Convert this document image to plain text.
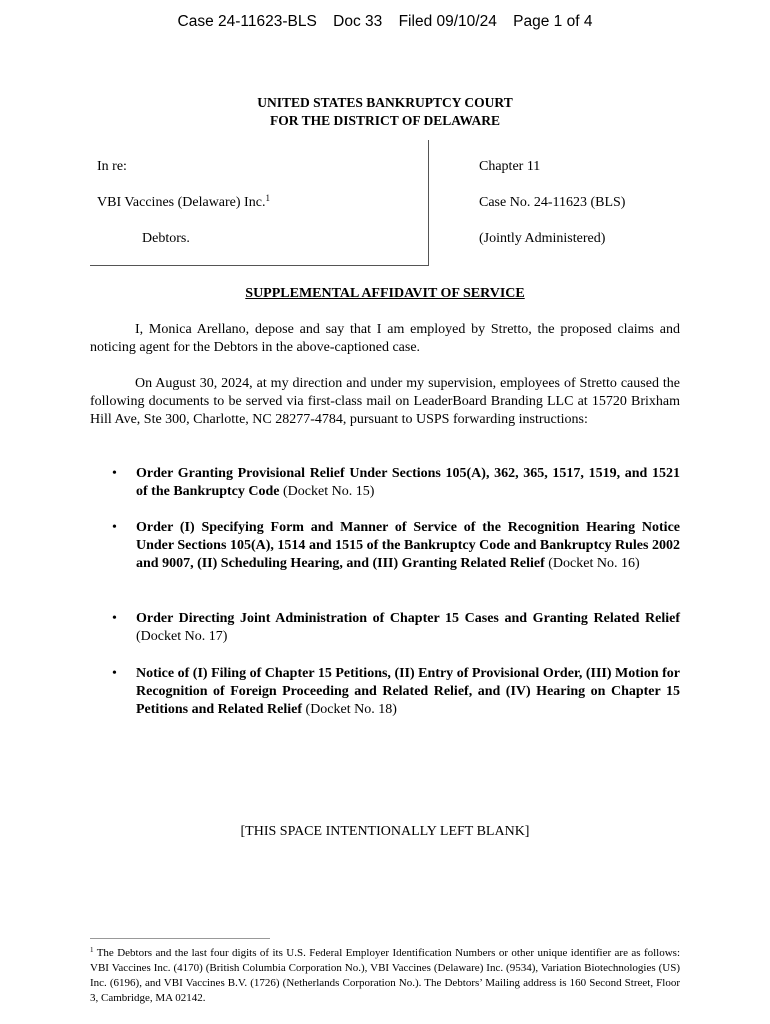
Case 24-11623-BLS Doc 33 Filed 09/10/24 Page 1 of 4
UNITED STATES BANKRUPTCY COURT
FOR THE DISTRICT OF DELAWARE
In re:
VBI Vaccines (Delaware) Inc.$^1$
Debtors.
Chapter 11
Case No. 24-11623 (BLS)
(Jointly Administered)
SUPPLEMENTAL AFFIDAVIT OF SERVICE
I, Monica Arellano, depose and say that I am employed by Stretto, the proposed claims and noticing agent for the Debtors in the above-captioned case.
On August 30, 2024, at my direction and under my supervision, employees of Stretto caused the following documents to be served via first-class mail on LeaderBoard Branding LLC at 15720 Brixham Hill Ave, Ste 300, Charlotte, NC 28277-4784, pursuant to USPS forwarding instructions:
• Order Granting Provisional Relief Under Sections 105(A), 362, 365, 1517, 1519, and 1521 of the Bankruptcy Code (Docket No. 15)
• Order (I) Specifying Form and Manner of Service of the Recognition Hearing Notice Under Sections 105(A), 1514 and 1515 of the Bankruptcy Code and Bankruptcy Rules 2002 and 9007, (II) Scheduling Hearing, and (III) Granting Related Relief (Docket No. 16)
• Order Directing Joint Administration of Chapter 15 Cases and Granting Related Relief (Docket No. 17)
• Notice of (I) Filing of Chapter 15 Petitions, (II) Entry of Provisional Order, (III) Motion for Recognition of Foreign Proceeding and Related Relief, and (IV) Hearing on Chapter 15 Petitions and Related Relief (Docket No. 18)
[THIS SPACE INTENTIONALLY LEFT BLANK]
$^1$ The Debtors and the last four digits of its U.S. Federal Employer Identification Numbers or other unique identifier are as follows: VBI Vaccines Inc. (4170) (British Columbia Corporation No.), VBI Vaccines (Delaware) Inc. (9534), Variation Biotechnologies (US) Inc. (6196), and VBI Vaccines B.V. (1726) (Netherlands Corporation No.). The Debtors’ Mailing address is 160 Second Street, Floor 3, Cambridge, MA 02142.
